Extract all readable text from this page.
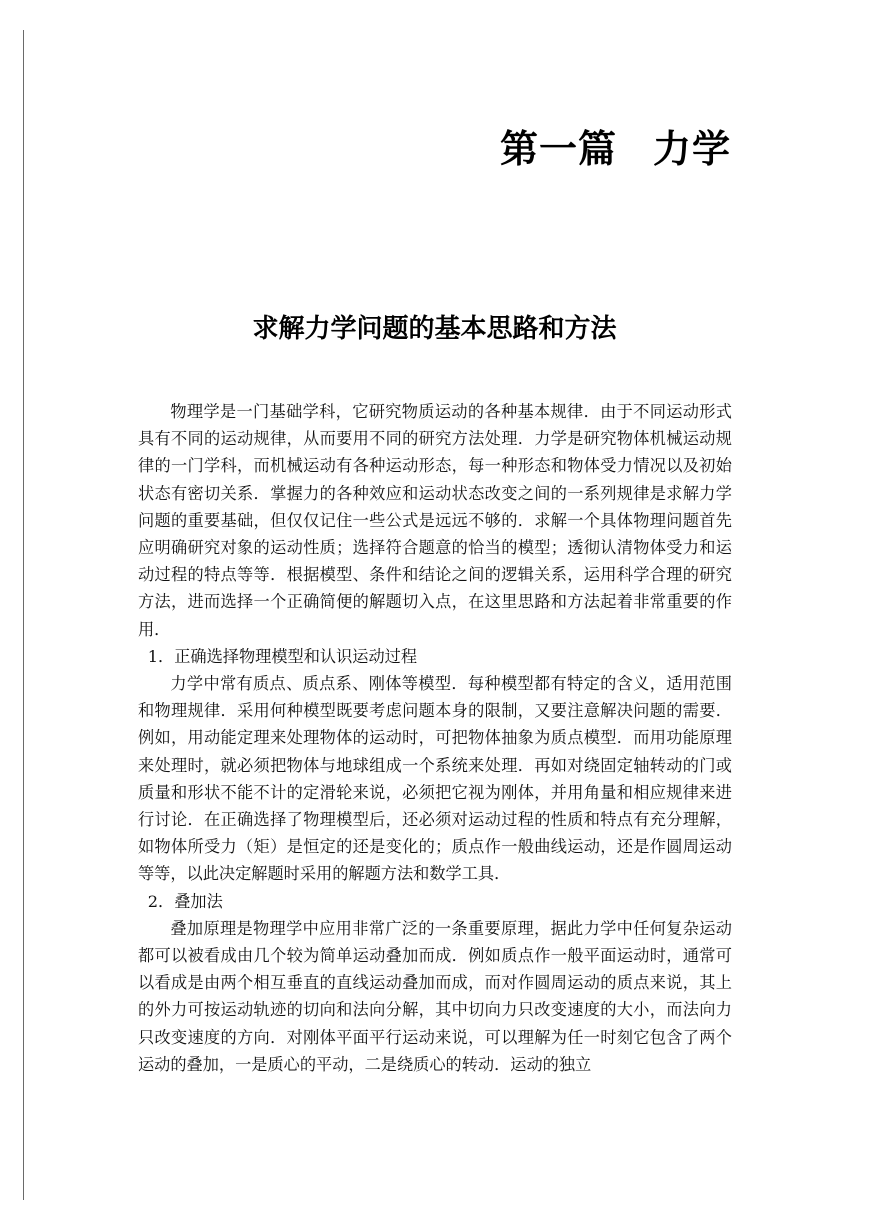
第一篇 力学
求解力学问题的基本思路和方法

物理学是一门基础学科，它研究物质运动的各种基本规律．由于不同运动形式具有不同的运动规律，从而要用不同的研究方法处理．力学是研究物体机械运动规律的一门学科，而机械运动有各种运动形态，每一种形态和物体受力情况以及初始状态有密切关系．掌握力的各种效应和运动状态改变之间的一系列规律是求解力学问题的重要基础，但仅仅记住一些公式是远远不够的．求解一个具体物理问题首先应明确研究对象的运动性质；选择符合题意的恰当的模型；透彻认清物体受力和运动过程的特点等等．根据模型、条件和结论之间的逻辑关系，运用科学合理的研究方法，进而选择一个正确简便的解题切入点，在这里思路和方法起着非常重要的作用．

1．正确选择物理模型和认识运动过程

力学中常有质点、质点系、刚体等模型．每种模型都有特定的含义，适用范围和物理规律．采用何种模型既要考虑问题本身的限制，又要注意解决问题的需要．例如，用动能定理来处理物体的运动时，可把物体抽象为质点模型．而用功能原理来处理时，就必须把物体与地球组成一个系统来处理．再如对绕固定轴转动的门或质量和形状不能不计的定滑轮来说，必须把它视为刚体，并用角量和相应规律来进行讨论．在正确选择了物理模型后，还必须对运动过程的性质和特点有充分理解，如物体所受力（矩）是恒定的还是变化的；质点作一般曲线运动，还是作圆周运动等等，以此决定解题时采用的解题方法和数学工具．

2．叠加法

叠加原理是物理学中应用非常广泛的一条重要原理，据此力学中任何复杂运动都可以被看成由几个较为简单运动叠加而成．例如质点作一般平面运动时，通常可以看成是由两个相互垂直的直线运动叠加而成，而对作圆周运动的质点来说，其上的外力可按运动轨迹的切向和法向分解，其中切向力只改变速度的大小，而法向力只改变速度的方向．对刚体平面平行运动来说，可以理解为任一时刻它包含了两个运动的叠加，一是质心的平动，二是绕质心的转动．运动的独立
